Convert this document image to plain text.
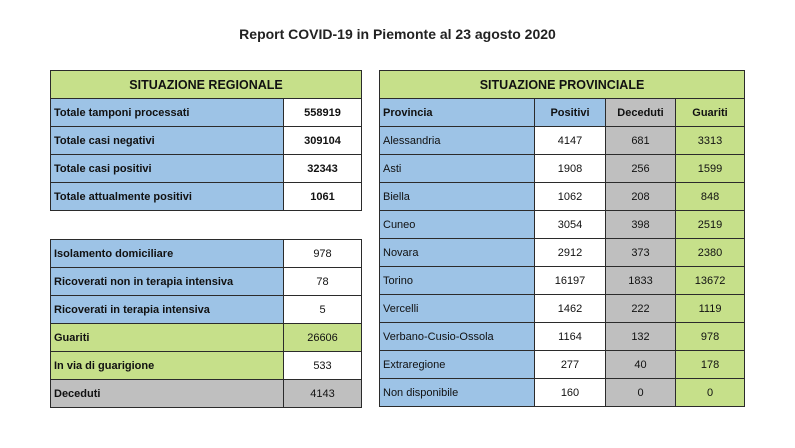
Report COVID-19 in Piemonte al 23 agosto 2020
SITUAZIONE REGIONALE	
Totale tamponi processati	558919
Totale casi negativi	309104
Totale casi positivi	32343
Totale attualmente positivi	1061
Isolamento domiciliare	978
Ricoverati non in terapia intensiva	78
Ricoverati in terapia intensiva	5
Guariti	26606
In via di guarigione	533
Deceduti	4143
SITUAZIONE PROVINCIALE			
Provincia	Positivi	Deceduti	Guariti
Alessandria	4147	681	3313
Asti	1908	256	1599
Biella	1062	208	848
Cuneo	3054	398	2519
Novara	2912	373	2380
Torino	16197	1833	13672
Vercelli	1462	222	1119
Verbano-Cusio-Ossola	1164	132	978
Extraregione	277	40	178
Non disponibile	160	0	0
